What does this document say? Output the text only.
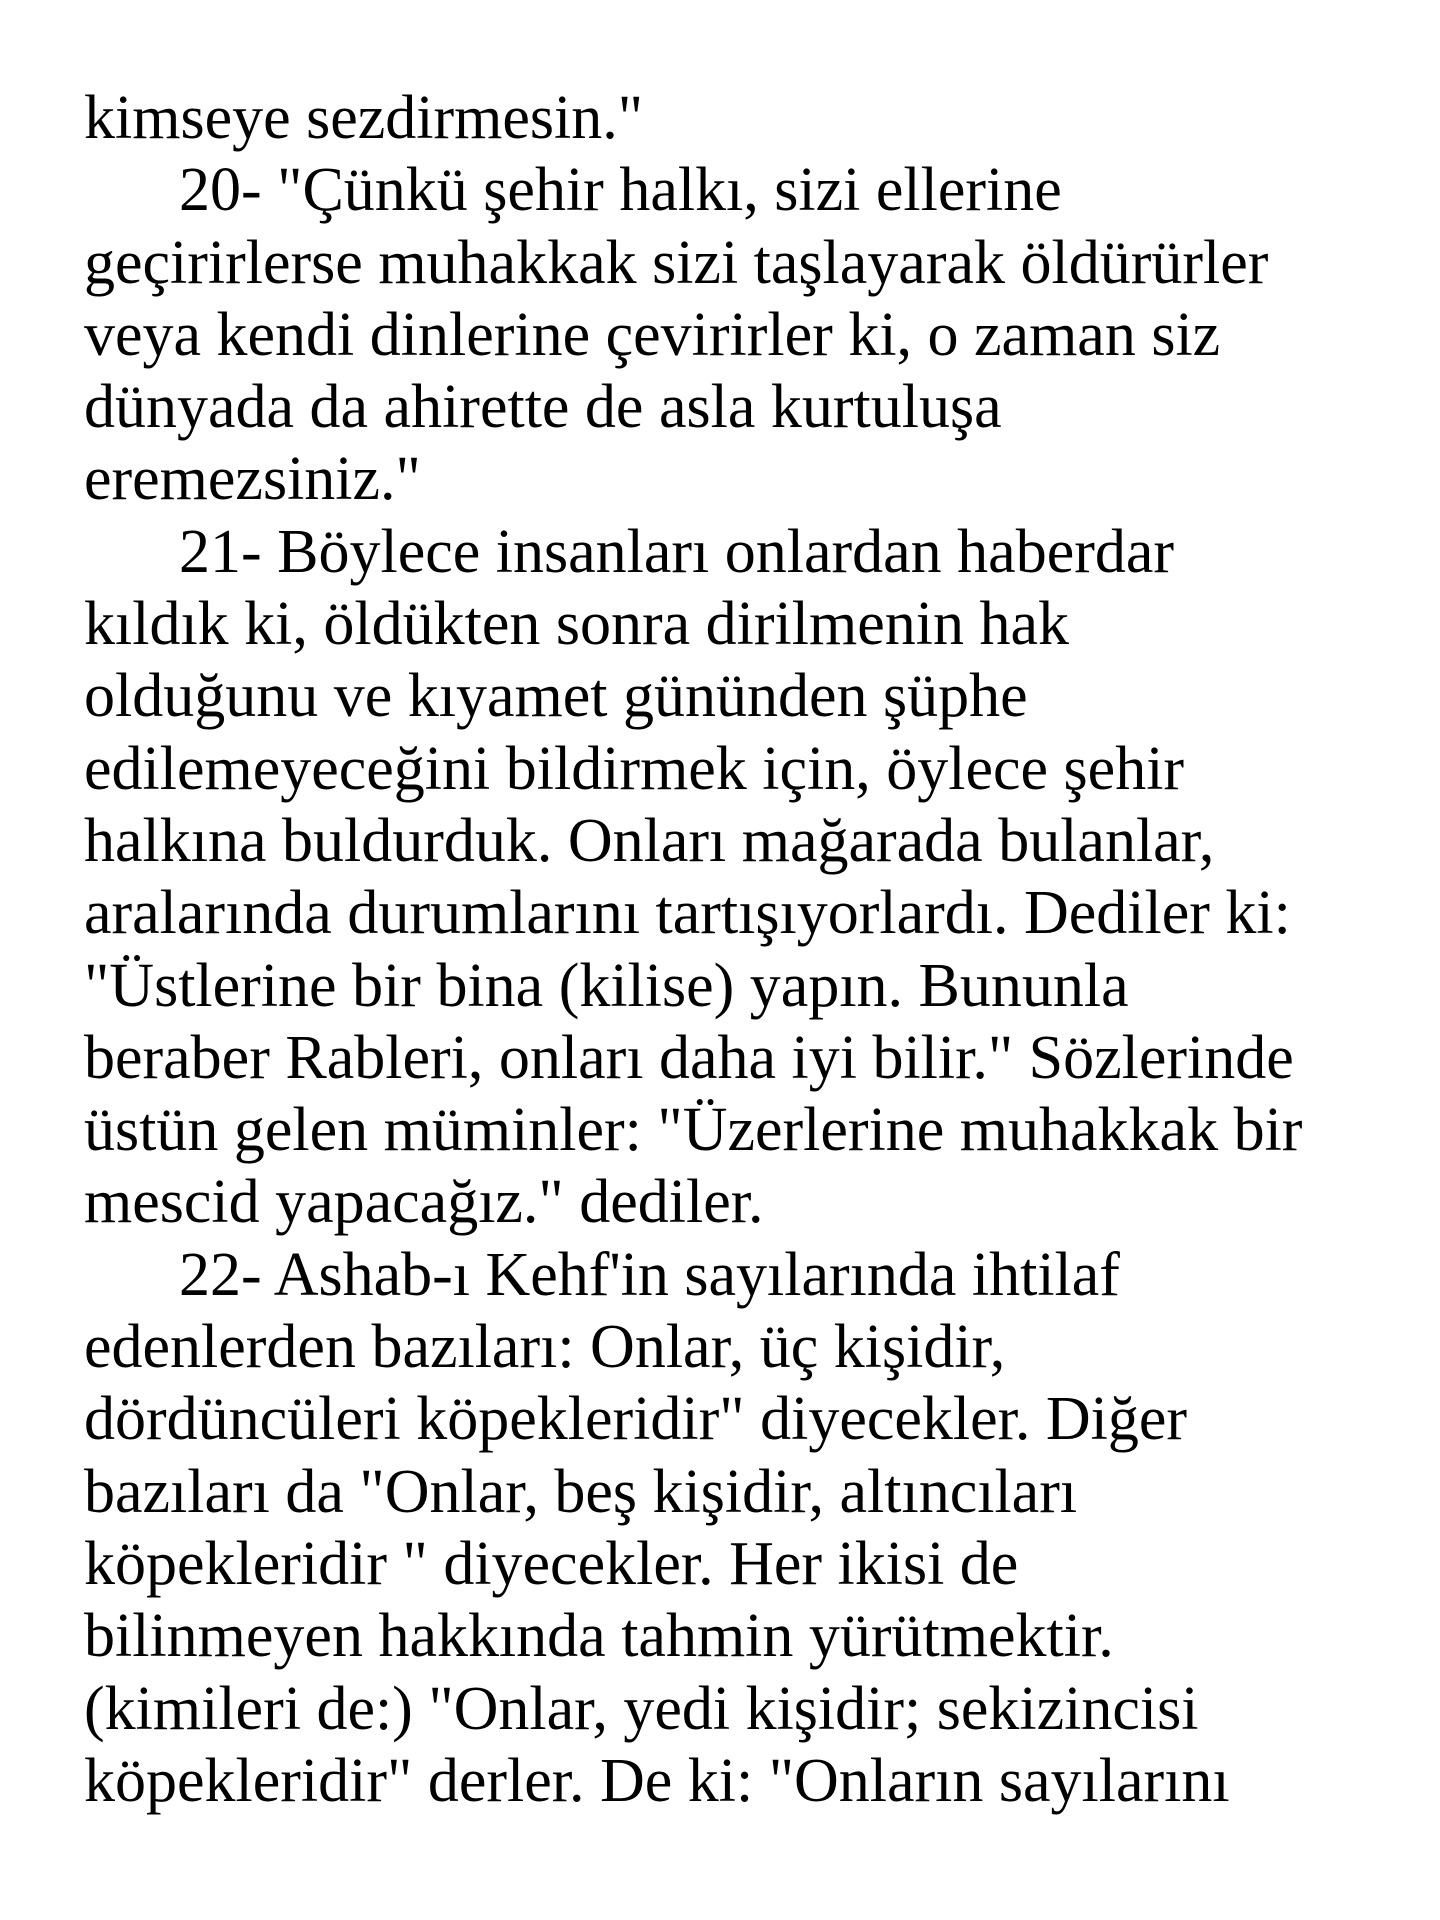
kimseye sezdirmesin."
20- "Çünkü şehir halkı, sizi ellerine
geçirirlerse muhakkak sizi taşlayarak öldürürler
veya kendi dinlerine çevirirler ki, o zaman siz
dünyada da ahirette de asla kurtuluşa
eremezsiniz."
21- Böylece insanları onlardan haberdar
kıldık ki, öldükten sonra dirilmenin hak
olduğunu ve kıyamet gününden şüphe
edilemeyeceğini bildirmek için, öylece şehir
halkına buldurduk. Onları mağarada bulanlar,
aralarında durumlarını tartışıyorlardı. Dediler ki:
"Üstlerine bir bina (kilise) yapın. Bununla
beraber Rableri, onları daha iyi bilir." Sözlerinde
üstün gelen müminler: "Üzerlerine muhakkak bir
mescid yapacağız." dediler.
22- Ashab-ı Kehf'in sayılarında ihtilaf
edenlerden bazıları: Onlar, üç kişidir,
dördüncüleri köpekleridir" diyecekler. Diğer
bazıları da "Onlar, beş kişidir, altıncıları
köpekleridir " diyecekler. Her ikisi de
bilinmeyen hakkında tahmin yürütmektir.
(kimileri de:) "Onlar, yedi kişidir; sekizincisi
köpekleridir" derler. De ki: "Onların sayılarını
